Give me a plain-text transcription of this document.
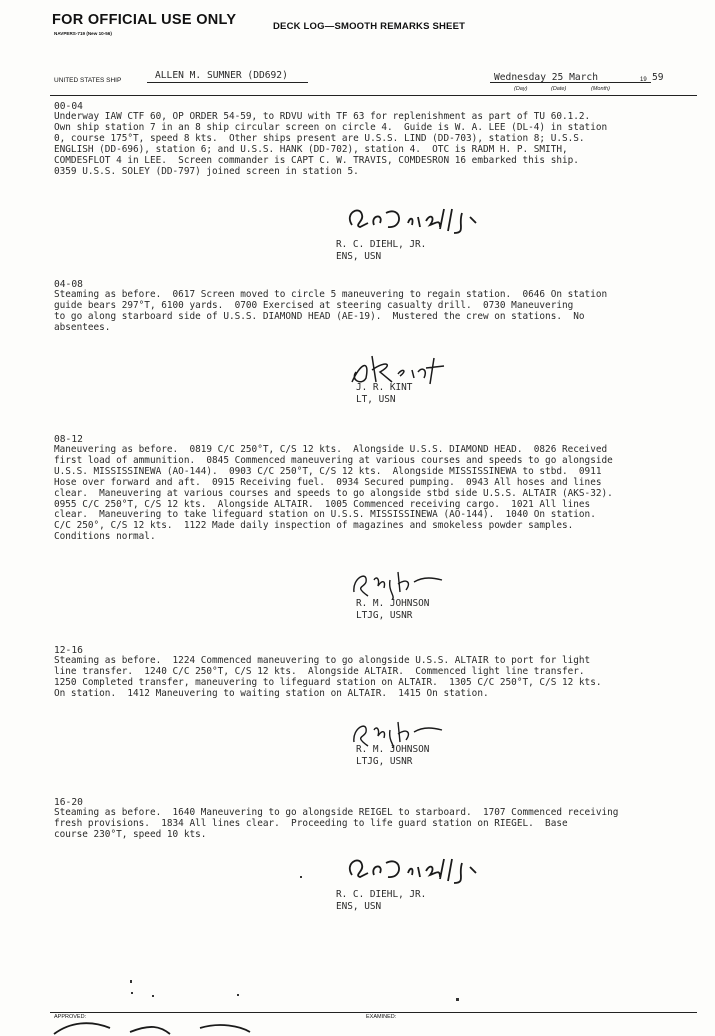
FOR OFFICIAL USE ONLY
NAVPERS-719 (New 10-56)
DECK LOG—SMOOTH REMARKS SHEET
UNITED STATES SHIP	ALLEN M. SUMNER (DD692)	Wednesday 25 March	19 59
(Day)	(Date)	(Month)

00-04

Underway IAW CTF 60, OP ORDER 54-59, to RDVU with TF 63 for replenishment as part of TU 60.1.2.

Own ship station 7 in an 8 ship circular screen on circle 4.  Guide is W. A. LEE (DL-4) in station

0, course 175°T, speed 8 kts.  Other ships present are U.S.S. LIND (DD-703), station 8; U.S.S.

ENGLISH (DD-696), station 6; and U.S.S. HANK (DD-702), station 4.  OTC is RADM H. P. SMITH,

COMDESFLOT 4 in LEE.  Screen commander is CAPT C. W. TRAVIS, COMDESRON 16 embarked this ship.

0359 U.S.S. SOLEY (DD-797) joined screen in station 5.

R. C. DIEHL, JR.

ENS, USN

04-08

Steaming as before.  0617 Screen moved to circle 5 maneuvering to regain station.  0646 On station

guide bears 297°T, 6100 yards.  0700 Exercised at steering casualty drill.  0730 Maneuvering

to go along starboard side of U.S.S. DIAMOND HEAD (AE-19).  Mustered the crew on stations.  No

absentees.

J. R. KINT

LT, USN

08-12

Maneuvering as before.  0819 C/C 250°T, C/S 12 kts.  Alongside U.S.S. DIAMOND HEAD.  0826 Received

first load of ammunition.  0845 Commenced maneuvering at various courses and speeds to go alongside

U.S.S. MISSISSINEWA (AO-144).  0903 C/C 250°T, C/S 12 kts.  Alongside MISSISSINEWA to stbd.  0911

Hose over forward and aft.  0915 Receiving fuel.  0934 Secured pumping.  0943 All hoses and lines

clear.  Maneuvering at various courses and speeds to go alongside stbd side U.S.S. ALTAIR (AKS-32).

0955 C/C 250°T, C/S 12 kts.  Alongside ALTAIR.  1005 Commenced receiving cargo.  1021 All lines

clear.  Maneuvering to take lifeguard station on U.S.S. MISSISSINEWA (AO-144).  1040 On station.

C/C 250°, C/S 12 kts.  1122 Made daily inspection of magazines and smokeless powder samples.

Conditions normal.

R. M. JOHNSON

LTJG, USNR

12-16

Steaming as before.  1224 Commenced maneuvering to go alongside U.S.S. ALTAIR to port for light

line transfer.  1240 C/C 250°T, C/S 12 kts.  Alongside ALTAIR.  Commenced light line transfer.

1250 Completed transfer, maneuvering to lifeguard station on ALTAIR.  1305 C/C 250°T, C/S 12 kts.

On station.  1412 Maneuvering to waiting station on ALTAIR.  1415 On station.

R. M. JOHNSON

LTJG, USNR

16-20

Steaming as before.  1640 Maneuvering to go alongside REIGEL to starboard.  1707 Commenced receiving

fresh provisions.  1834 All lines clear.  Proceeding to life guard station on RIEGEL.  Base

course 230°T, speed 10 kts.

R. C. DIEHL, JR.

ENS, USN

APPROVED:	EXAMINED:
